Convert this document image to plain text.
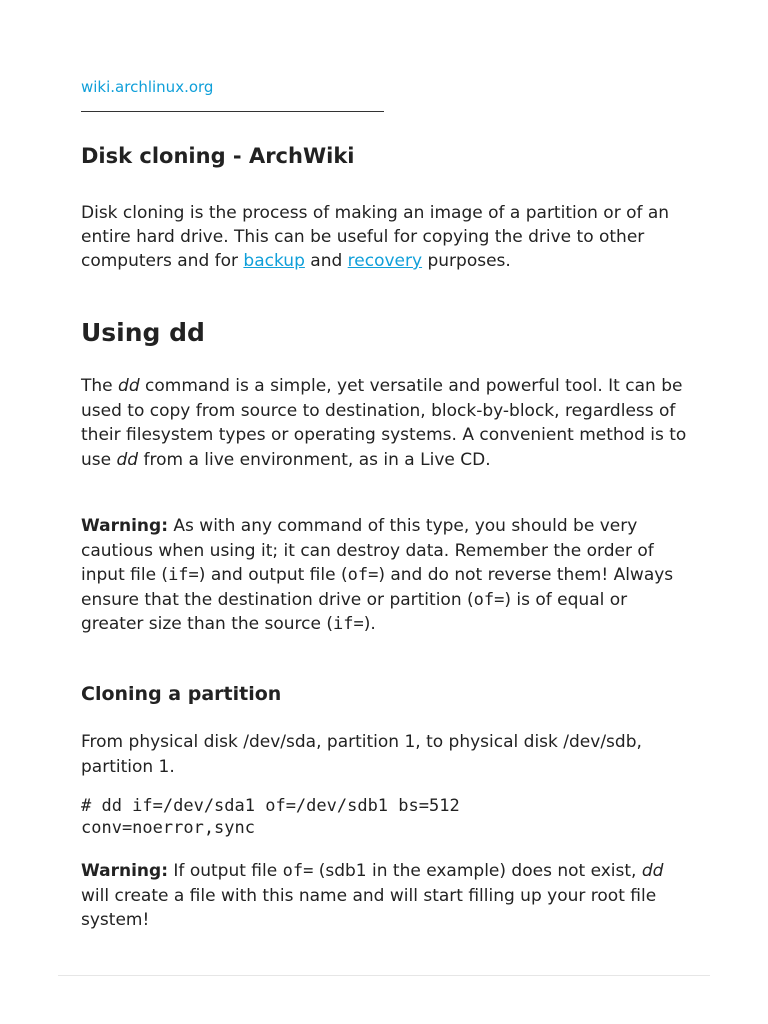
wiki.archlinux.org
Disk cloning - ArchWiki

Disk cloning is the process of making an image of a partition or of an entire hard drive. This can be useful for copying the drive to other computers and for backup and recovery purposes.

Using dd

The dd command is a simple, yet versatile and powerful tool. It can be used to copy from source to destination, block-by-block, regardless of their filesystem types or operating systems. A convenient method is to use dd from a live environment, as in a Live CD.

Warning: As with any command of this type, you should be very cautious when using it; it can destroy data. Remember the order of input file (if=) and output file (of=) and do not reverse them! Always ensure that the destination drive or partition (of=) is of equal or greater size than the source (if=).

Cloning a partition

From physical disk /dev/sda, partition 1, to physical disk /dev/sdb, partition 1.

# dd if=/dev/sda1 of=/dev/sdb1 bs=512
conv=noerror,sync

Warning: If output file of= (sdb1 in the example) does not exist, dd will create a file with this name and will start filling up your root file system!
